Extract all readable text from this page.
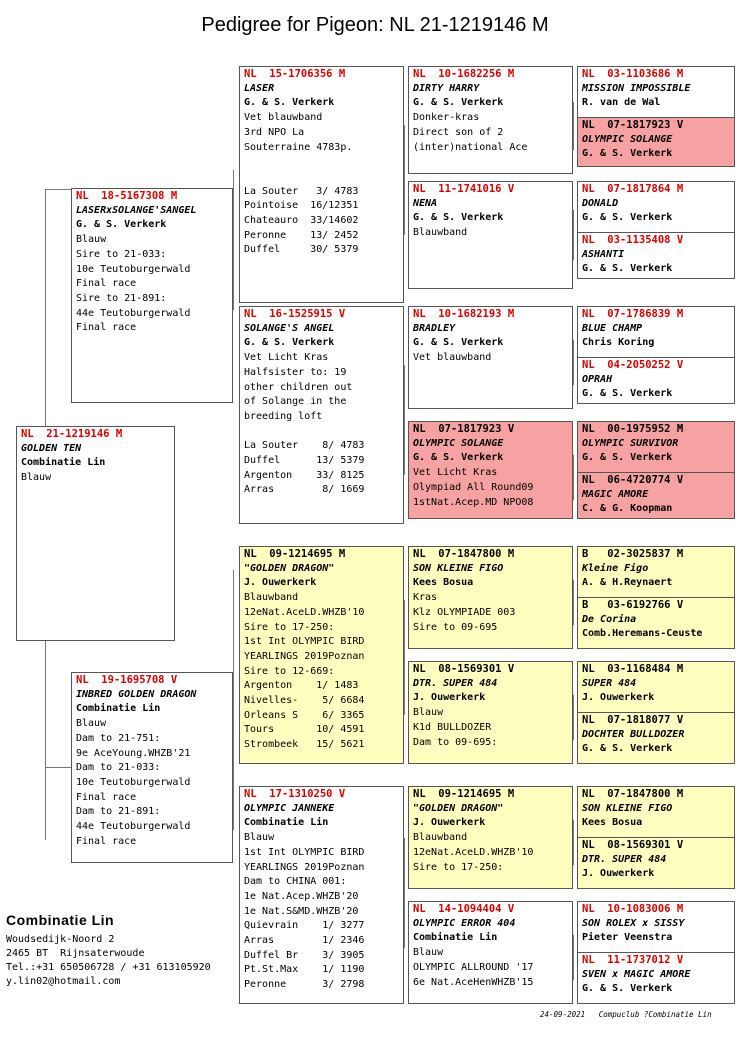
Pedigree for Pigeon: NL 21-1219146 M
NL  21-1219146 M
GOLDEN TEN
Combinatie Lin
Blauw
NL  18-5167308 M
LASERxSOLANGE'SANGEL
G. & S. Verkerk
Blauw
Sire to 21-033:
10e Teutoburgerwald
Final race
Sire to 21-891:
44e Teutoburgerwald
Final race
NL  19-1695708 V
INBRED GOLDEN DRAGON
Combinatie Lin
Blauw
Dam to 21-751:
9e AceYoung.WHZB'21
Dam to 21-033:
10e Teutoburgerwald
Final race
Dam to 21-891:
44e Teutoburgerwald
Final race
NL  15-1706356 M
LASER
G. & S. Verkerk
Vet blauwband
3rd NPO La
Souterraine 4783p.

La Souter   3/ 4783
Pointoise  16/12351
Chateauro  33/14602
Peronne    13/ 2452
Duffel     30/ 5379
NL  16-1525915 V
SOLANGE'S ANGEL
G. & S. Verkerk
Vet Licht Kras
Halfsister to: 19
other children out
of Solange in the
breeding loft

La Souter    8/ 4783
Duffel      13/ 5379
Argenton    33/ 8125
Arras        8/ 1669
NL  09-1214695 M
"GOLDEN DRAGON"
J. Ouwerkerk
Blauwband
12eNat.AceLD.WHZB'10
Sire to 17-250:
1st Int OLYMPIC BIRD
YEARLINGS 2019Poznan
Sire to 12-669:
Argenton    1/ 1483
Nivelles-    5/ 6684
Orleans S    6/ 3365
Tours       10/ 4591
Strombeek   15/ 5621
NL  17-1310250 V
OLYMPIC JANNEKE
Combinatie Lin
Blauw
1st Int OLYMPIC BIRD
YEARLINGS 2019Poznan
Dam to CHINA 001:
1e Nat.Acep.WHZB'20
1e Nat.S&MD.WHZB'20
Quievrain    1/ 3277
Arras        1/ 2346
Duffel Br    3/ 3905
Pt.St.Max    1/ 1190
Peronne      3/ 2798
NL  10-1682256 M
DIRTY HARRY
G. & S. Verkerk
Donker-kras
Direct son of 2
(inter)national Ace
NL  11-1741016 V
NENA
G. & S. Verkerk
Blauwband
NL  10-1682193 M
BRADLEY
G. & S. Verkerk
Vet blauwband
NL  07-1817923 V
OLYMPIC SOLANGE
G. & S. Verkerk
Vet Licht Kras
Olympiad All Round09
1stNat.Acep.MD NPO08
NL  07-1847800 M
SON KLEINE FIGO
Kees Bosua
Kras
Klz OLYMPIADE 003
Sire to 09-695
NL  08-1569301 V
DTR. SUPER 484
J. Ouwerkerk
Blauw
K1d BULLDOZER
Dam to 09-695:
NL  09-1214695 M
"GOLDEN DRAGON"
J. Ouwerkerk
Blauwband
12eNat.AceLD.WHZB'10
Sire to 17-250:
NL  14-1094404 V
OLYMPIC ERROR 404
Combinatie Lin
Blauw
OLYMPIC ALLROUND '17
6e Nat.AceHenWHZB'15
NL  03-1103686 M
MISSION IMPOSSIBLE
R. van de Wal
NL  07-1817923 V
OLYMPIC SOLANGE
G. & S. Verkerk
NL  07-1817864 M
DONALD
G. & S. Verkerk
NL  03-1135408 V
ASHANTI
G. & S. Verkerk
NL  07-1786839 M
BLUE CHAMP
Chris Koring
NL  04-2050252 V
OPRAH
G. & S. Verkerk
NL  00-1975952 M
OLYMPIC SURVIVOR
G. & S. Verkerk
NL  06-4720774 V
MAGIC AMORE
C. & G. Koopman
B   02-3025837 M
Kleine Figo
A. & H.Reynaert
B   03-6192766 V
De Corina
Comb.Heremans-Ceuste
NL  03-1168484 M
SUPER 484
J. Ouwerkerk
NL  07-1818077 V
DOCHTER BULLDOZER
G. & S. Verkerk
NL  07-1847800 M
SON KLEINE FIGO
Kees Bosua
NL  08-1569301 V
DTR. SUPER 484
J. Ouwerkerk
NL  10-1083006 M
SON ROLEX x SISSY
Pieter Veenstra
NL  11-1737012 V
SVEN x MAGIC AMORE
G. & S. Verkerk
Combinatie Lin
Woudsedijk-Noord 2
2465 BT  Rijnsaterwoude
Tel.:+31 650506728 / +31 613105920
y.lin02@hotmail.com
24-09-2021   Compuclub ?Combinatie Lin
